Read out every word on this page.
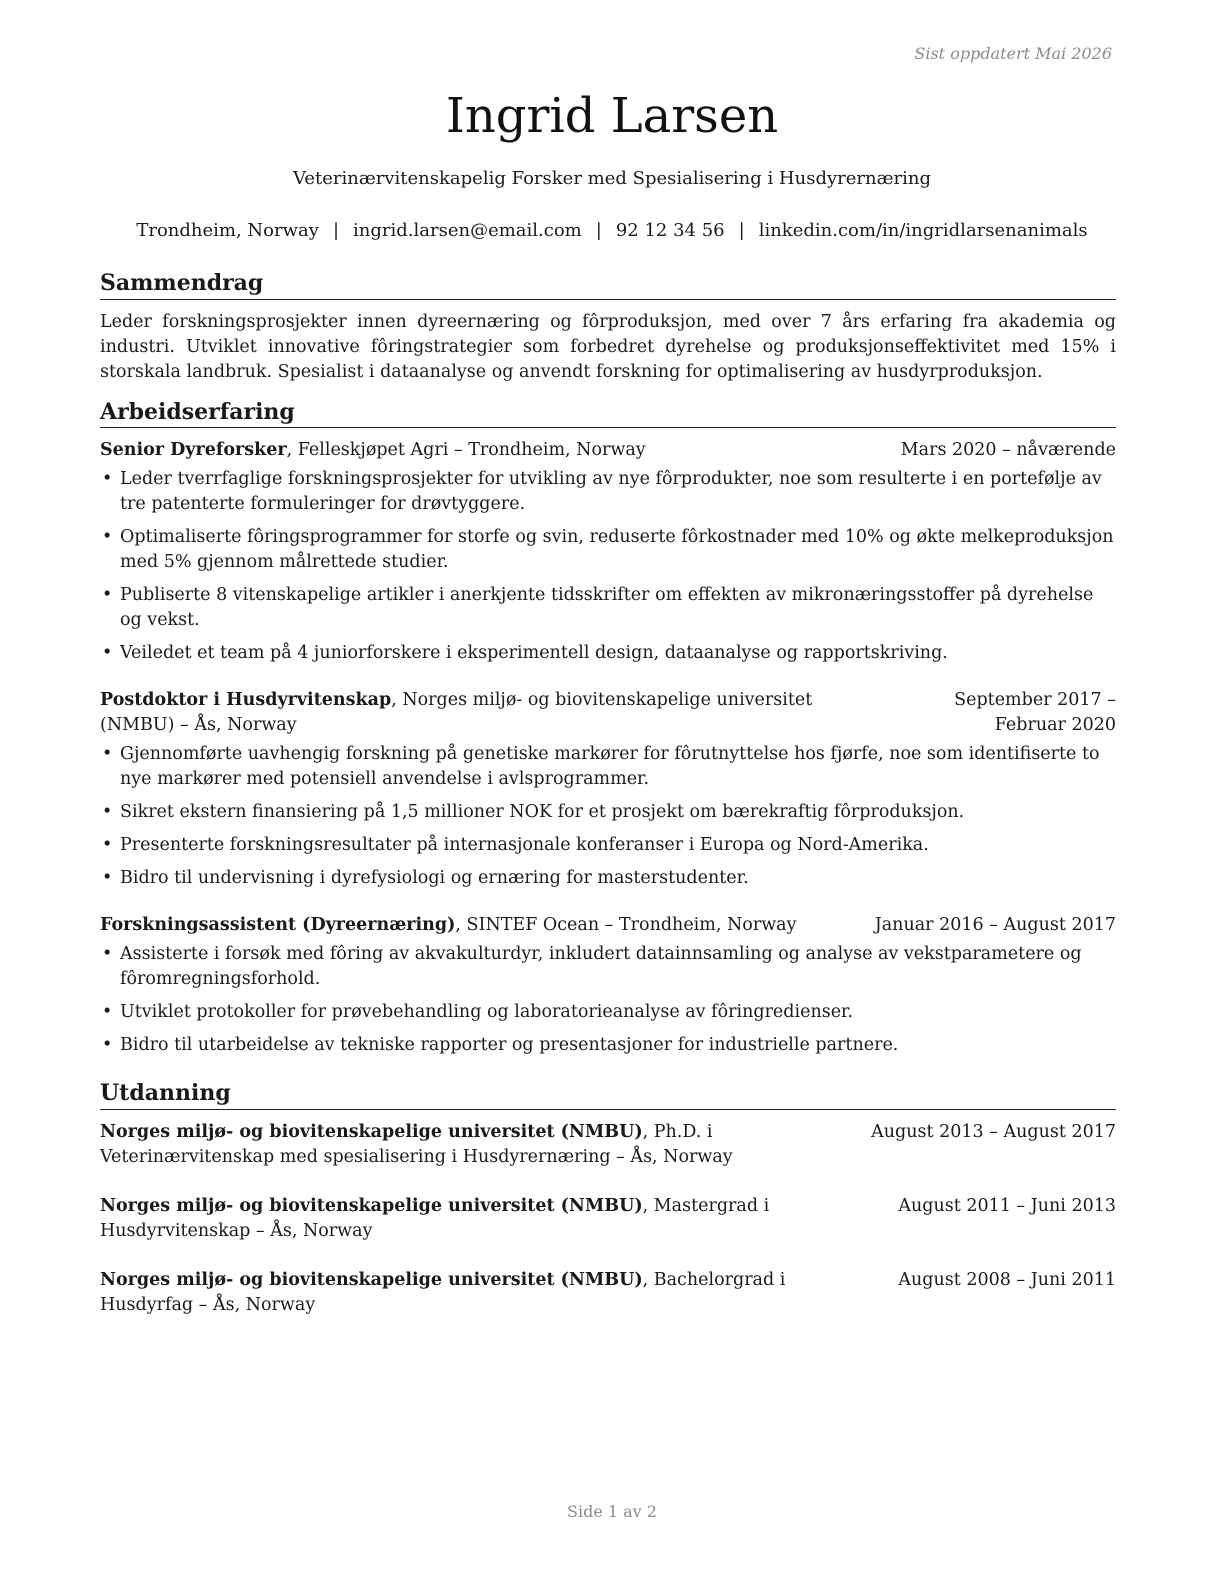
Sist oppdatert Mai 2026
Ingrid Larsen
Veterinærvitenskapelig Forsker med Spesialisering i Husdyrernæring
Trondheim, Norway | ingrid.larsen@email.com | 92 12 34 56 | linkedin.com/in/ingridlarsenanimals
Sammendrag
Leder forskningsprosjekter innen dyreernæring og fôrproduksjon, med over 7 års erfaring fra akademia og industri. Utviklet innovative fôringstrategier som forbedret dyrehelse og produksjonseffektivitet med 15% i storskala landbruk. Spesialist i dataanalyse og anvendt forskning for optimalisering av husdyrproduksjon.
Arbeidserfaring
Senior Dyreforsker, Felleskjøpet Agri – Trondheim, Norway	Mars 2020 – nåværende
• Leder tverrfaglige forskningsprosjekter for utvikling av nye fôrprodukter, noe som resulterte i en portefølje av tre patenterte formuleringer for drøvtyggere.
• Optimaliserte fôringsprogrammer for storfe og svin, reduserte fôrkostnader med 10% og økte melkeproduksjon med 5% gjennom målrettede studier.
• Publiserte 8 vitenskapelige artikler i anerkjente tidsskrifter om effekten av mikronæringsstoffer på dyrehelse og vekst.
• Veiledet et team på 4 juniorforskere i eksperimentell design, dataanalyse og rapportskriving.
Postdoktor i Husdyrvitenskap, Norges miljø- og biovitenskapelige universitet (NMBU) – Ås, Norway
September 2017 – Februar 2020
• Gjennomførte uavhengig forskning på genetiske markører for fôrutnyttelse hos fjørfe, noe som identifiserte to nye markører med potensiell anvendelse i avlsprogrammer.
• Sikret ekstern finansiering på 1,5 millioner NOK for et prosjekt om bærekraftig fôrproduksjon.
• Presenterte forskningsresultater på internasjonale konferanser i Europa og Nord-Amerika.
• Bidro til undervisning i dyrefysiologi og ernæring for masterstudenter.
Forskningsassistent (Dyreernæring), SINTEF Ocean – Trondheim, Norway	Januar 2016 – August 2017
• Assisterte i forsøk med fôring av akvakulturdyr, inkludert datainnsamling og analyse av vekstparametere og fôromregningsforhold.
• Utviklet protokoller for prøvebehandling og laboratorieanalyse av fôringredienser.
• Bidro til utarbeidelse av tekniske rapporter og presentasjoner for industrielle partnere.
Utdanning
Norges miljø- og biovitenskapelige universitet (NMBU), Ph.D. i Veterinærvitenskap med spesialisering i Husdyrernæring – Ås, Norway
August 2013 – August 2017
Norges miljø- og biovitenskapelige universitet (NMBU), Mastergrad i Husdyrvitenskap – Ås, Norway
August 2011 – Juni 2013
Norges miljø- og biovitenskapelige universitet (NMBU), Bachelorgrad i Husdyrfag – Ås, Norway
August 2008 – Juni 2011
Side 1 av 2
